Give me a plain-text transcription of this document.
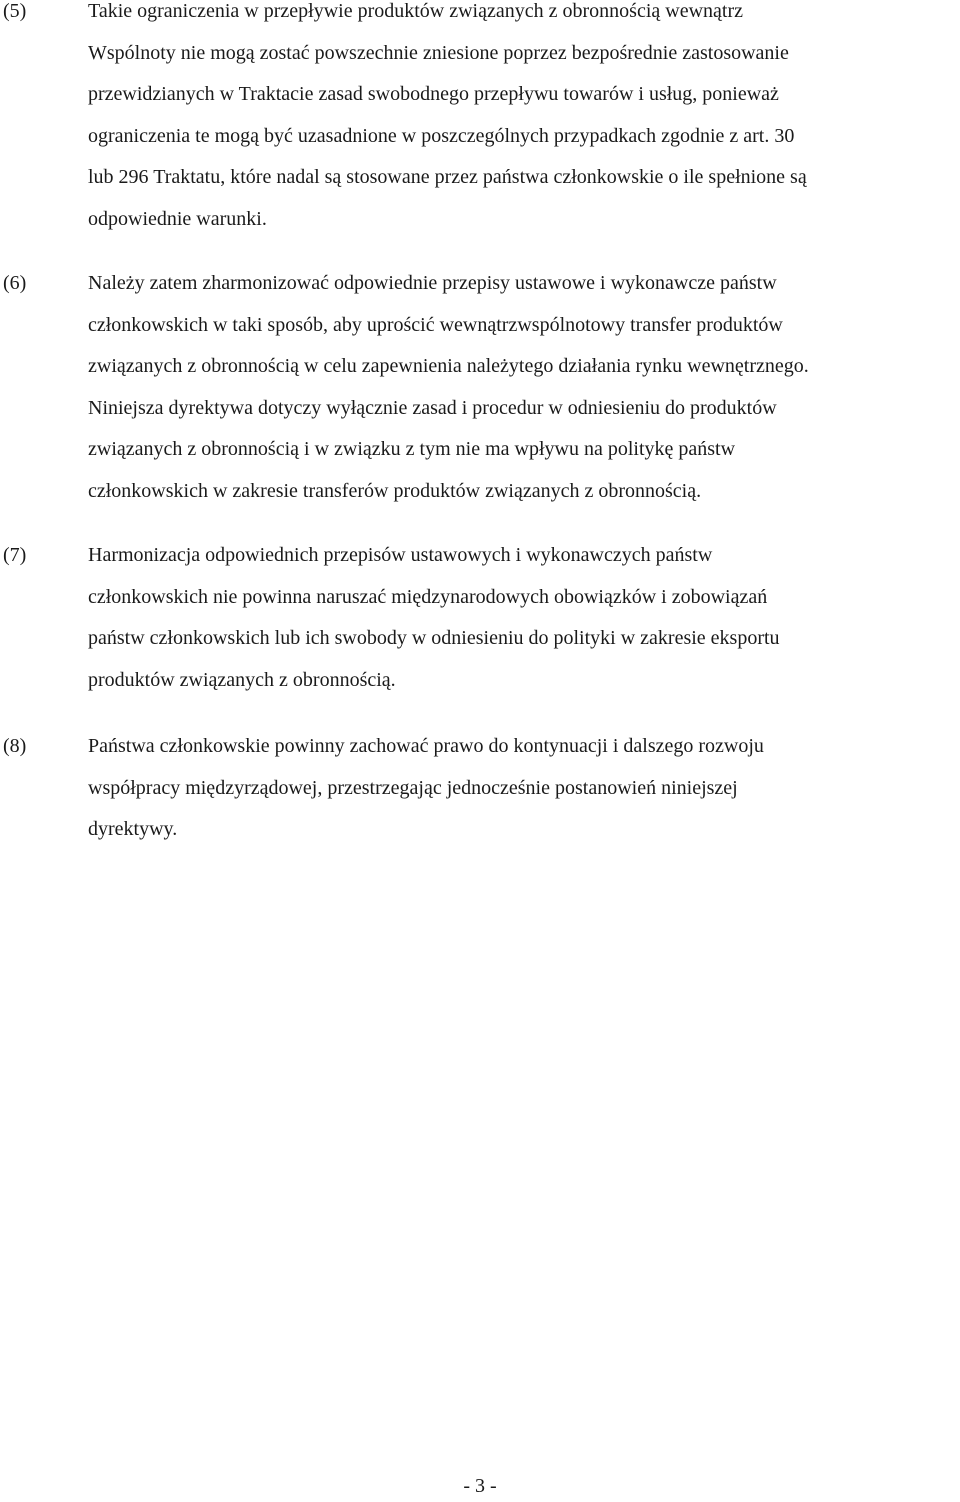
(5)	Takie ograniczenia w przepływie produktów związanych z obronnością wewnątrz
Wspólnoty nie mogą zostać powszechnie zniesione poprzez bezpośrednie zastosowanie
przewidzianych w Traktacie zasad swobodnego przepływu towarów i usług, ponieważ
ograniczenia te mogą być uzasadnione w poszczególnych przypadkach zgodnie z art. 30
lub 296 Traktatu, które nadal są stosowane przez państwa członkowskie o ile spełnione są
odpowiednie warunki.
(6)	Należy zatem zharmonizować odpowiednie przepisy ustawowe i wykonawcze państw
członkowskich w taki sposób, aby uprościć wewnątrzwspólnotowy transfer produktów
związanych z obronnością w celu zapewnienia należytego działania rynku wewnętrznego.
Niniejsza dyrektywa dotyczy wyłącznie zasad i procedur w odniesieniu do produktów
związanych z obronnością i w związku z tym nie ma wpływu na politykę państw
członkowskich w zakresie transferów produktów związanych z obronnością.
(7)	Harmonizacja odpowiednich przepisów ustawowych i wykonawczych państw
członkowskich nie powinna naruszać międzynarodowych obowiązków i zobowiązań
państw członkowskich lub ich swobody w odniesieniu do polityki w zakresie eksportu
produktów związanych z obronnością.
(8)	Państwa członkowskie powinny zachować prawo do kontynuacji i dalszego rozwoju
współpracy międzyrządowej, przestrzegając jednocześnie postanowień niniejszej
dyrektywy.
- 3 -
